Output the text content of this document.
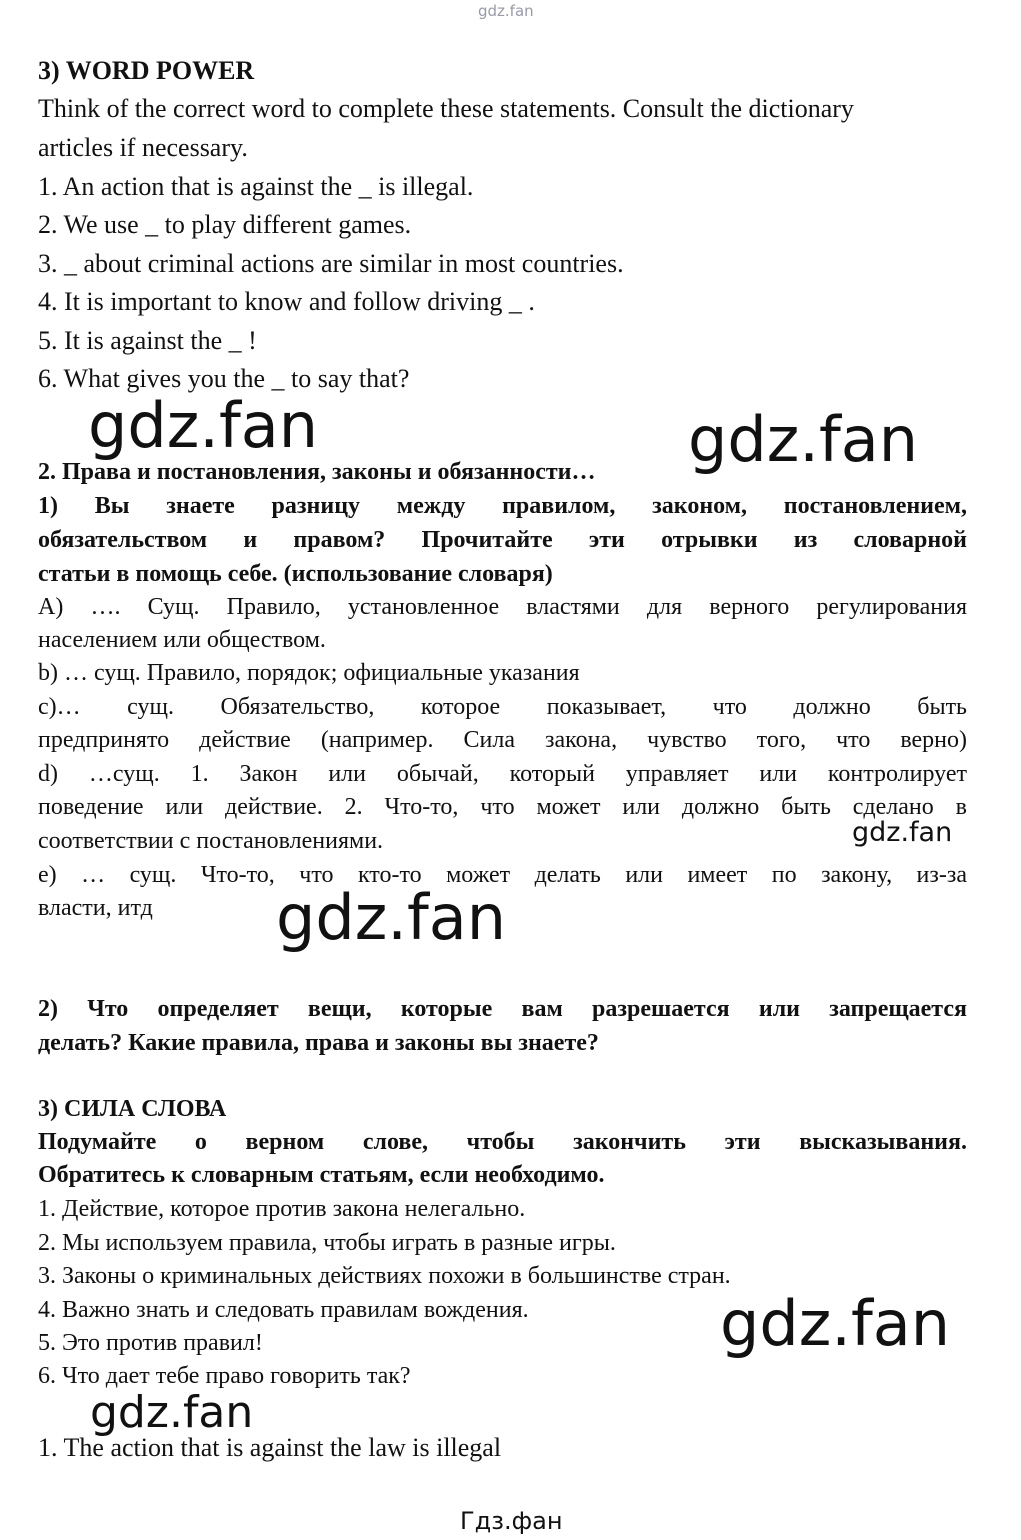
gdz.fan
3) WORD POWER
Think of the correct word to complete these statements. Consult the dictionary
articles if necessary.
1. An action that is against the _ is illegal.
2. We use _ to play different games.
3. _ about criminal actions are similar in most countries.
4. It is important to know and follow driving _ .
5. It is against the _ !
6. What gives you the _ to say that?
gdz.fan	gdz.fan
2. Права и постановления, законы и обязанности…
1) Вы знаете разницу между правилом, законом, постановлением,
обязательством и правом? Прочитайте эти отрывки из словарной
статьи в помощь себе. (использование словаря)
A) …. Сущ. Правило, установленное властями для верного регулирования
населением или обществом.
b) … сущ. Правило, порядок; официальные указания
c)… сущ. Обязательство, которое показывает, что должно быть
предпринято действие (например. Сила закона, чувство того, что верно)
d) …сущ. 1. Закон или обычай, который управляет или контролирует
поведение или действие. 2. Что-то, что может или должно быть сделано в
соответствии с постановлениями.	gdz.fan
e) … сущ. Что-то, что кто-то может делать или имеет по закону, из-за
власти, итд gdz.fan
2) Что определяет вещи, которые вам разрешается или запрещается
делать? Какие правила, права и законы вы знаете?
3) СИЛА СЛОВА
Подумайте о верном слове, чтобы закончить эти высказывания.
Обратитесь к словарным статьям, если необходимо.
1. Действие, которое против закона нелегально.
2. Мы используем правила, чтобы играть в разные игры.
3. Законы о криминальных действиях похожи в большинстве стран.
4. Важно знать и следовать правилам вождения.
5. Это против правил!
6. Что дает тебе право говорить так?
gdz.fan
gdz.fan
1. The action that is against the law is illegal
Гдз.фан
